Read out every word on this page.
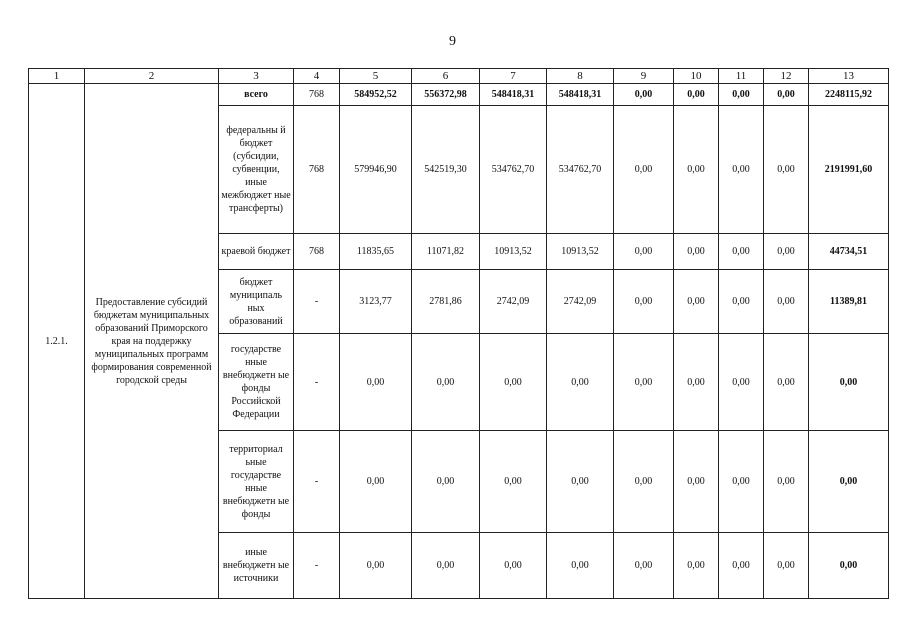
9
1	2	3	4	5	6	7	8	9	10	11	12	13
1.2.1.	Предоставление субсидий бюджетам муниципальных образований Приморского края на поддержку муниципальных программ формирования современной городской среды	всего	768	584952,52	556372,98	548418,31	548418,31	0,00	0,00	0,00	0,00	2248115,92
		федеральны й бюджет (субсидии, субвенции, иные межбюджет ные трансферты)	768	579946,90	542519,30	534762,70	534762,70	0,00	0,00	0,00	0,00	2191991,60
		краевой бюджет	768	11835,65	11071,82	10913,52	10913,52	0,00	0,00	0,00	0,00	44734,51
		бюджет муниципаль ных образований	-	3123,77	2781,86	2742,09	2742,09	0,00	0,00	0,00	0,00	11389,81
		государстве нные внебюджетн ые фонды Российской Федерации	-	0,00	0,00	0,00	0,00	0,00	0,00	0,00	0,00	0,00
		территориал ьные государстве нные внебюджетн ые фонды	-	0,00	0,00	0,00	0,00	0,00	0,00	0,00	0,00	0,00
		иные внебюджетн ые источники	-	0,00	0,00	0,00	0,00	0,00	0,00	0,00	0,00	0,00
